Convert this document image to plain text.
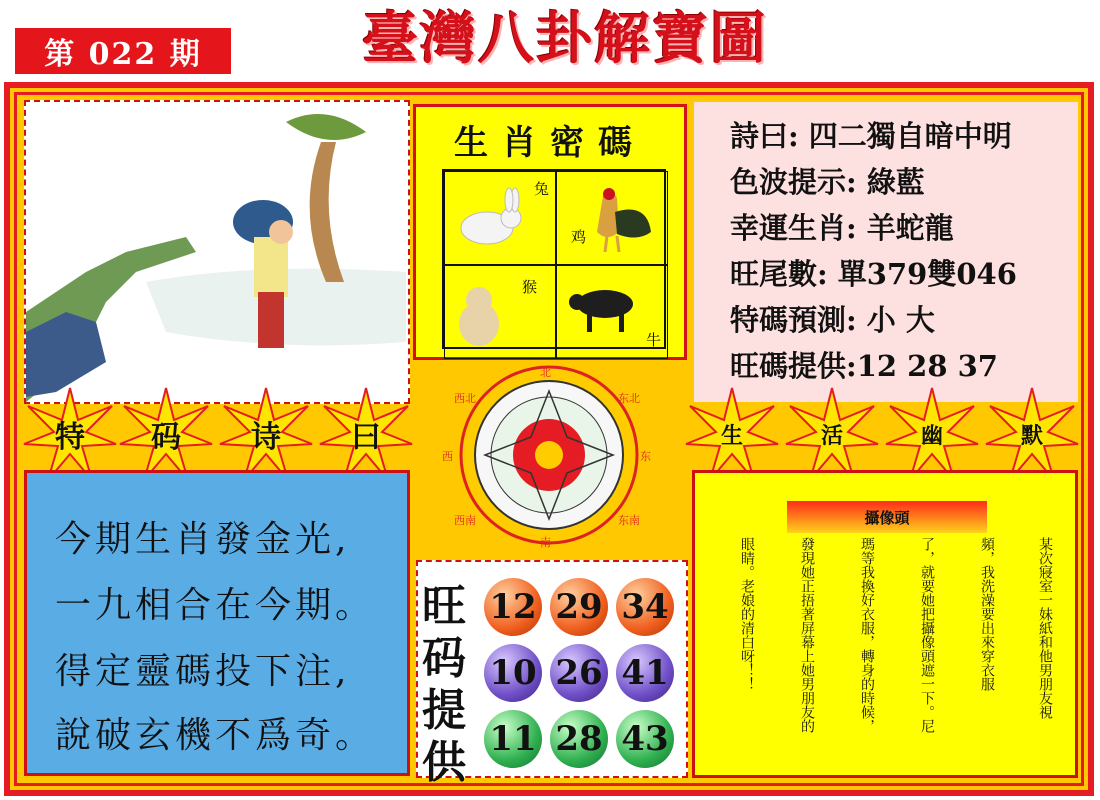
第 022 期	臺灣八卦解寶圖
生肖密碼
兔
鸡
猴
牛
詩曰: 四二獨自暗中明
色波提示: 綠藍
幸運生肖: 羊蛇龍
旺尾數: 單379雙046
特碼預測: 小 大
旺碼提供:12 28 37
特	码	诗	曰	生	活	幽	默
北
东
南
西
西北	东北
西南	东南
今期生肖發金光,
一九相合在今期。
得定靈碼投下注,
說破玄機不爲奇。
旺
码
提
供
12 29 34
10 26 41
11 28 43
攝像頭
某次寢室一妹紙和他男朋友視
頻，我洗澡要出來穿衣服
了，就要她把攝像頭遮一下。尼
瑪等我換好衣服，轉身的時候，
發現她正捂著屏幕上她男朋友的
眼睛。老娘的清白呀！！
